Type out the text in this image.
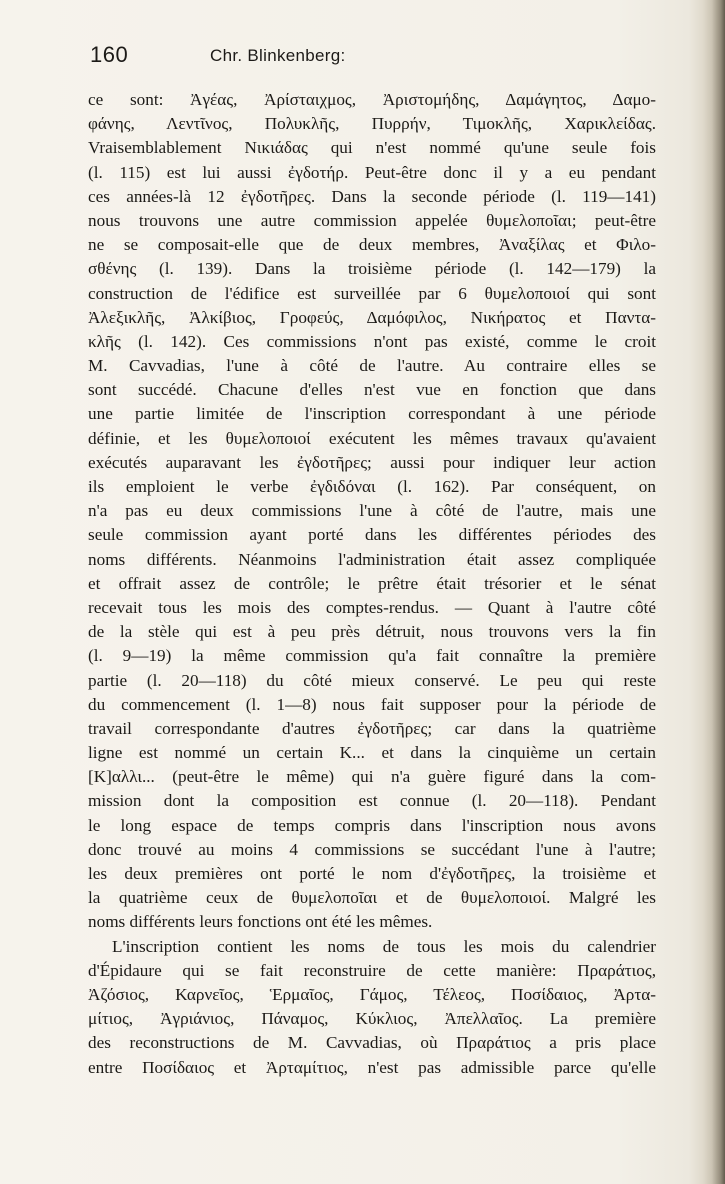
160	Chr. Blinkenberg:
ce sont: Ἀγέας, Ἀρίσταιχμος, Ἀριστομήδης, Δαμάγητος, Δαμο-
φάνης, Λεντῖνος, Πολυκλῆς, Πυρρήν, Τιμοκλῆς, Χαρικλείδας.
Vraisemblablement Νικιάδας qui n'est nommé qu'une seule fois
(l. 115) est lui aussi ἐγδοτήρ. Peut-être donc il y a eu pendant
ces années-là 12 ἐγδοτῆρες. Dans la seconde période (l. 119—141)
nous trouvons une autre commission appelée θυμελοποῖαι; peut-être
ne se composait-elle que de deux membres, Ἀναξίλας et Φιλο-
σθένης (l. 139). Dans la troisième période (l. 142—179) la
construction de l'édifice est surveillée par 6 θυμελοποιοί qui sont
Ἀλεξικλῆς, Ἀλκίβιος, Γροφεύς, Δαμόφιλος, Νικήρατος et Παντα-
κλῆς (l. 142). Ces commissions n'ont pas existé, comme le croit
M. Cavvadias, l'une à côté de l'autre. Au contraire elles se
sont succédé. Chacune d'elles n'est vue en fonction que dans
une partie limitée de l'inscription correspondant à une période
définie, et les θυμελοποιοί exécutent les mêmes travaux qu'avaient
exécutés auparavant les ἐγδοτῆρες; aussi pour indiquer leur action
ils emploient le verbe ἐγδιδόναι (l. 162). Par conséquent, on
n'a pas eu deux commissions l'une à côté de l'autre, mais une
seule commission ayant porté dans les différentes périodes des
noms différents. Néanmoins l'administration était assez compliquée
et offrait assez de contrôle; le prêtre était trésorier et le sénat
recevait tous les mois des comptes-rendus. — Quant à l'autre côté
de la stèle qui est à peu près détruit, nous trouvons vers la fin
(l. 9—19) la même commission qu'a fait connaître la première
partie (l. 20—118) du côté mieux conservé. Le peu qui reste
du commencement (l. 1—8) nous fait supposer pour la période de
travail correspondante d'autres ἐγδοτῆρες; car dans la quatrième
ligne est nommé un certain Κ... et dans la cinquième un certain
[Κ]αλλι... (peut-être le même) qui n'a guère figuré dans la com-
mission dont la composition est connue (l. 20—118). Pendant
le long espace de temps compris dans l'inscription nous avons
donc trouvé au moins 4 commissions se succédant l'une à l'autre;
les deux premières ont porté le nom d'ἐγδοτῆρες, la troisième et
la quatrième ceux de θυμελοποῖαι et de θυμελοποιοί. Malgré les
noms différents leurs fonctions ont été les mêmes.
L'inscription contient les noms de tous les mois du calendrier
d'Épidaure qui se fait reconstruire de cette manière: Πραράτιος,
Ἀζόσιος, Καρνεῖος, Ἑρμαῖος, Γάμος, Τέλεος, Ποσίδαιος, Ἀρτα-
μίτιος, Ἀγριάνιος, Πάναμος, Κύκλιος, Ἀπελλαῖος. La première
des reconstructions de M. Cavvadias, où Πραράτιος a pris place
entre Ποσίδαιος et Ἀρταμίτιος, n'est pas admissible parce qu'elle
